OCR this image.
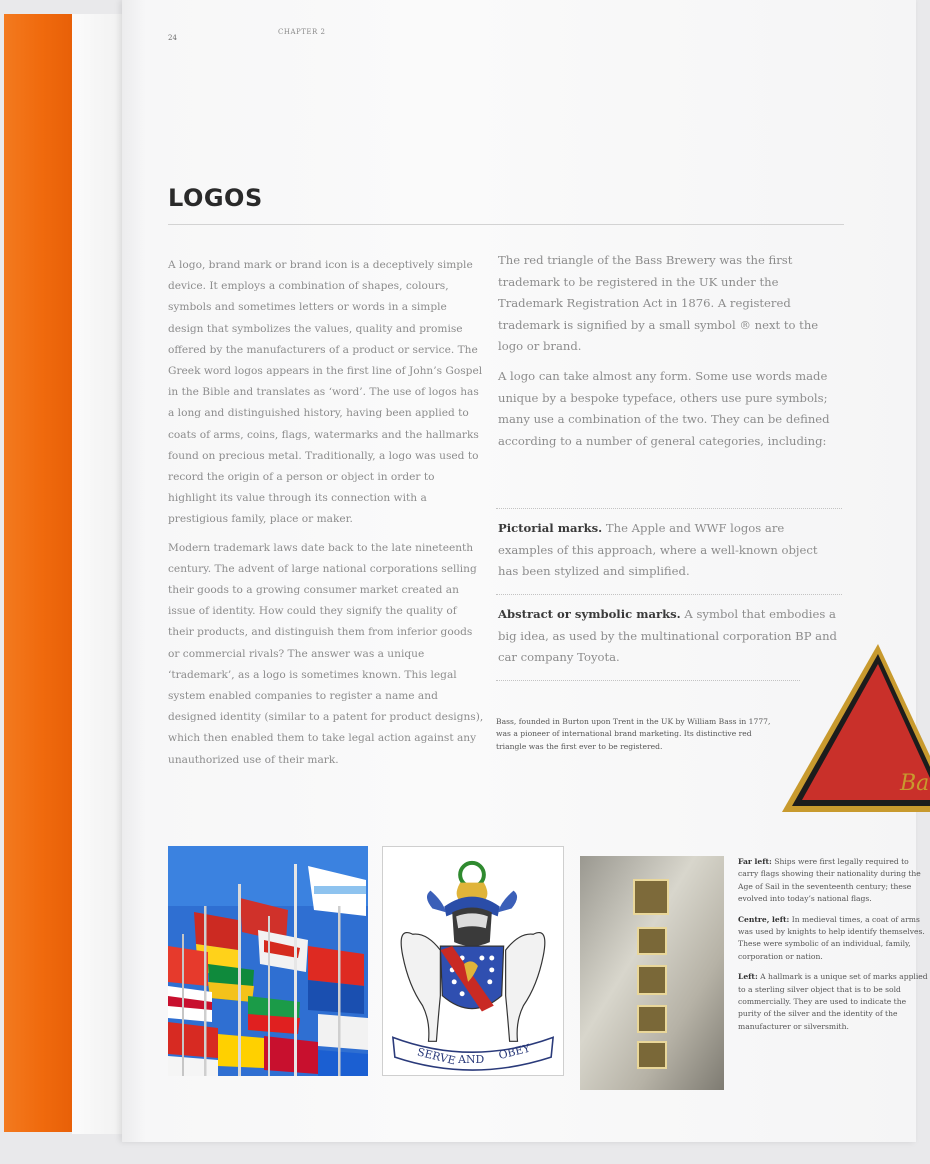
24
CHAPTER 2
LOGOS

A logo, brand mark or brand icon is a deceptively simple device. It employs a combination of shapes, colours, symbols and sometimes letters or words in a simple design that symbolizes the values, quality and promise offered by the manufacturers of a product or service. The Greek word logos appears in the first line of John’s Gospel in the Bible and translates as ‘word’. The use of logos has a long and distinguished history, having been applied to coats of arms, coins, flags, watermarks and the hallmarks found on precious metal. Traditionally, a logo was used to record the origin of a person or object in order to highlight its value through its connection with a prestigious family, place or maker.

Modern trademark laws date back to the late nineteenth century. The advent of large national corporations selling their goods to a growing consumer market created an issue of identity. How could they signify the quality of their products, and distinguish them from inferior goods or commercial rivals? The answer was a unique ‘trademark’, as a logo is sometimes known. This legal system enabled companies to register a name and designed identity (similar to a patent for product designs), which then enabled them to take legal action against any unauthorized use of their mark.

The red triangle of the Bass Brewery was the first trademark to be registered in the UK under the Trademark Registration Act in 1876. A registered trademark is signified by a small symbol ® next to the logo or brand.

A logo can take almost any form. Some use words made unique by a bespoke typeface, others use pure symbols; many use a combination of the two. They can be defined according to a number of general categories, including:

Pictorial marks. The Apple and WWF logos are examples of this approach, where a well-known object has been stylized and simplified.
Abstract or symbolic marks. A symbol that embodies a big idea, as used by the multinational corporation BP and car company Toyota.
Bass, founded in Burton upon Trent in the UK by William Bass in 1777, was a pioneer of international brand marketing. Its distinctive red triangle was the first ever to be registered.
Ba
SERVE AND OBEY

Far left: Ships were first legally required to carry flags showing their nationality during the Age of Sail in the seventeenth century; these evolved into today’s national flags.

Centre, left: In medieval times, a coat of arms was used by knights to help identify themselves. These were symbolic of an individual, family, corporation or nation.

Left: A hallmark is a unique set of marks applied to a sterling silver object that is to be sold commercially. They are used to indicate the purity of the silver and the identity of the manufacturer or silversmith.
